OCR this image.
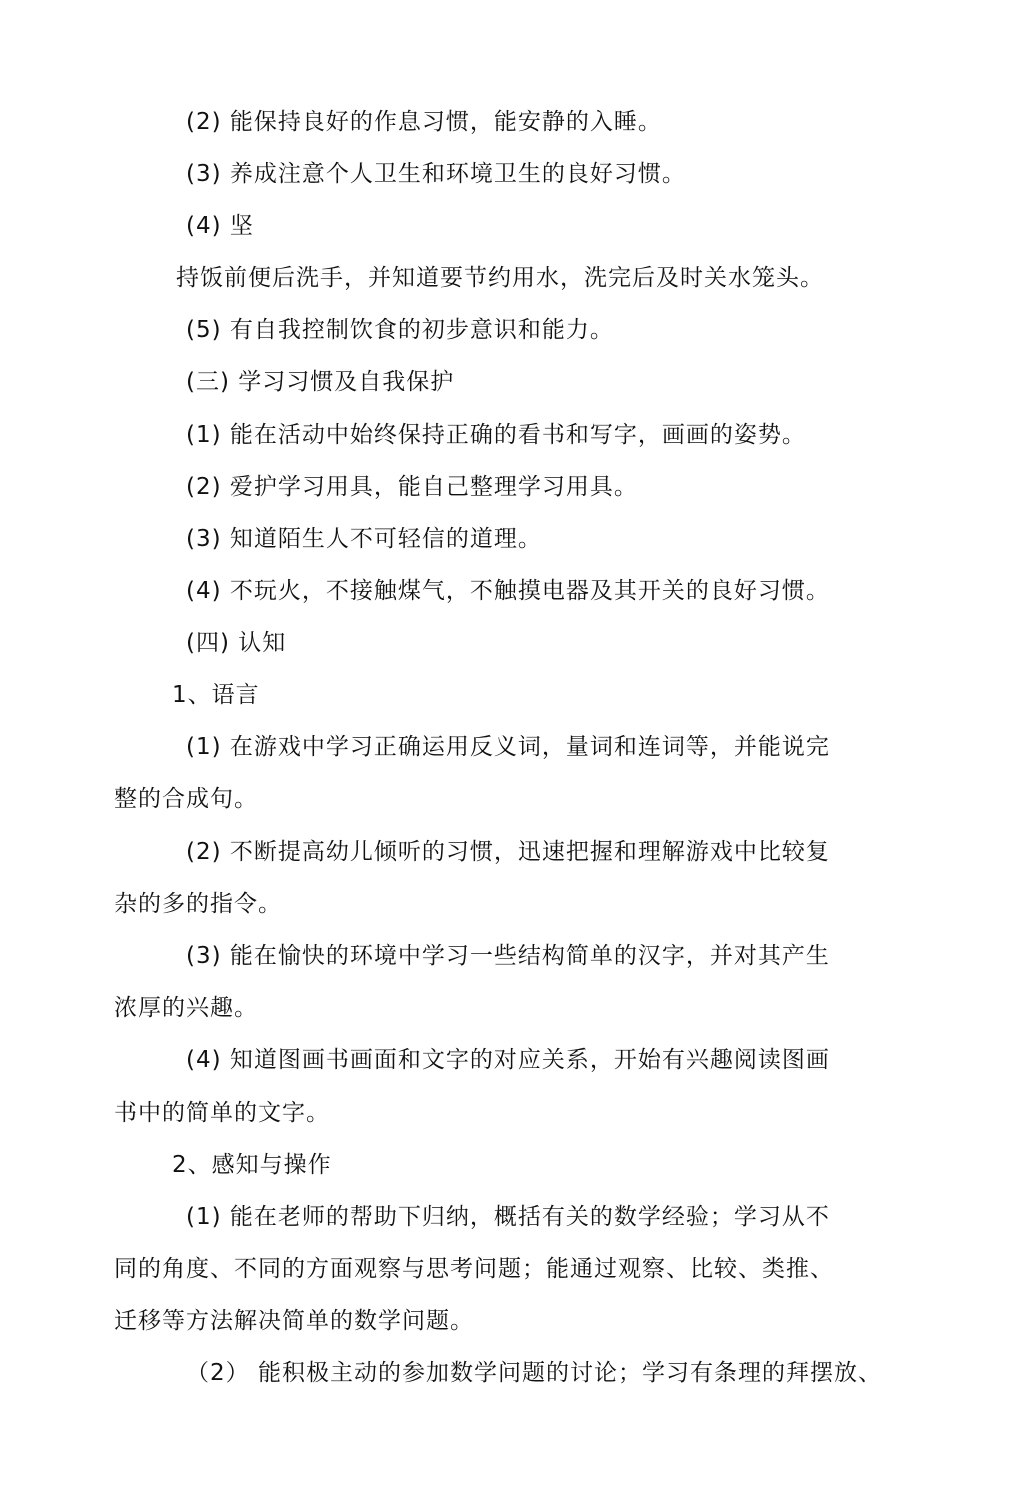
(2) 能保持良好的作息习惯，能安静的入睡。
(3) 养成注意个人卫生和环境卫生的良好习惯。
(4) 坚
持饭前便后洗手，并知道要节约用水，洗完后及时关水笼头。
(5) 有自我控制饮食的初步意识和能力。
(三) 学习习惯及自我保护
(1) 能在活动中始终保持正确的看书和写字，画画的姿势。
(2) 爱护学习用具，能自己整理学习用具。
(3) 知道陌生人不可轻信的道理。
(4) 不玩火，不接触煤气，不触摸电器及其开关的良好习惯。
(四) 认知
1、语言
(1) 在游戏中学习正确运用反义词，量词和连词等，并能说完
整的合成句。
(2) 不断提高幼儿倾听的习惯，迅速把握和理解游戏中比较复
杂的多的指令。
(3) 能在愉快的环境中学习一些结构简单的汉字，并对其产生
浓厚的兴趣。
(4) 知道图画书画面和文字的对应关系，开始有兴趣阅读图画
书中的简单的文字。
2、感知与操作
(1) 能在老师的帮助下归纳，概括有关的数学经验；学习从不
同的角度、不同的方面观察与思考问题；能通过观察、比较、类推、
迁移等方法解决简单的数学问题。
（2） 能积极主动的参加数学问题的讨论；学习有条理的拜摆放、
